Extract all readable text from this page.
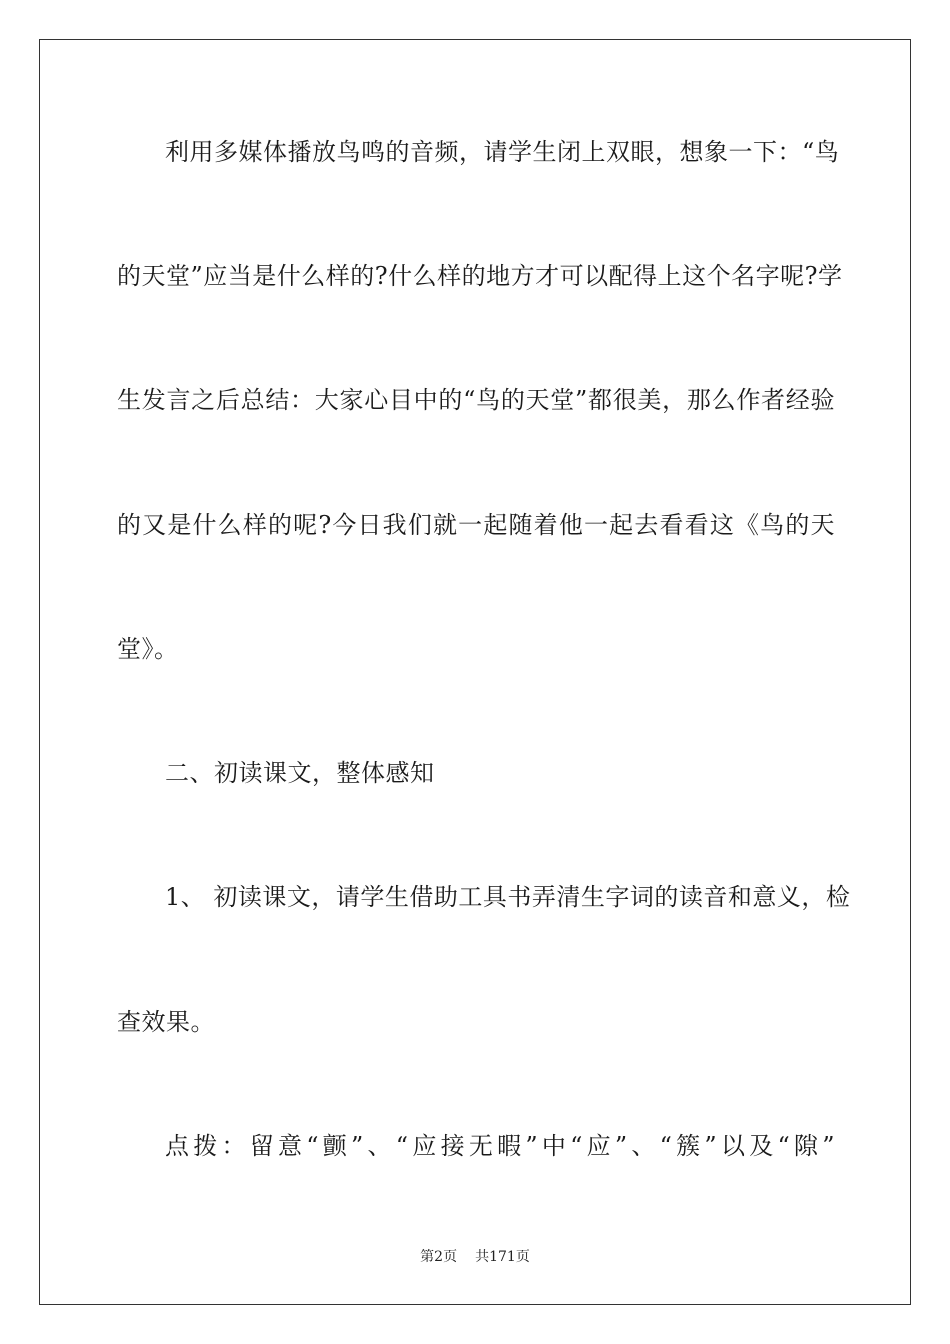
利用多媒体播放鸟鸣的音频，请学生闭上双眼，想象一下：“鸟
的天堂”应当是什么样的?什么样的地方才可以配得上这个名字呢?学
生发言之后总结：大家心目中的“鸟的天堂”都很美，那么作者经验
的又是什么样的呢?今日我们就一起随着他一起去看看这《鸟的天
堂》。
二、初读课文，整体感知
1、 初读课文，请学生借助工具书弄清生字词的读音和意义，检
查效果。
点拨：留意“颤”、“应接无暇”中“应”、“簇”以及“隙”
第2页 共171页
